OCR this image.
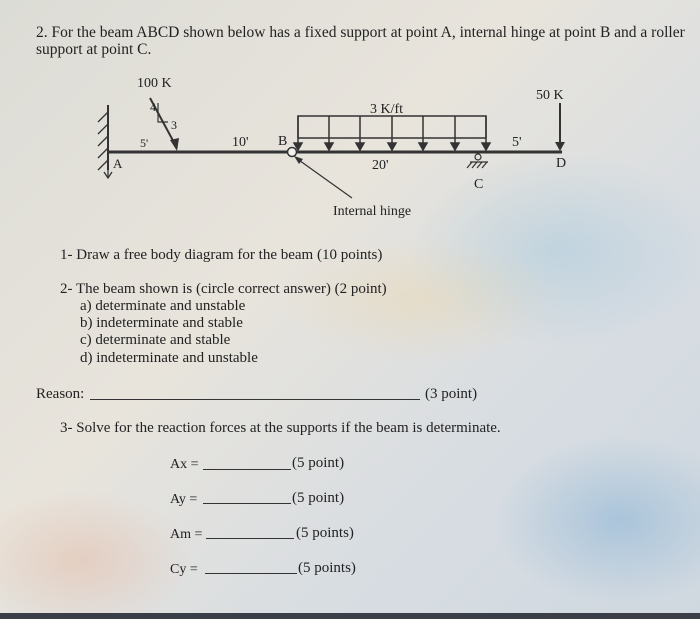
2. For the beam ABCD shown below has a fixed support at point A, internal hinge at point B and a roller
support at point C.
100 K
50 K
3 K/ft
4
3
5'	10'
20'
5'
A
B
C
D
Internal hinge
1- Draw a free body diagram for the beam (10 points)
2- The beam shown is (circle correct answer) (2 point)
a) determinate and unstable
b) indeterminate and stable
c) determinate and stable
d) indeterminate and unstable
Reason:	(3 point)
3- Solve for the reaction forces at the supports if the beam is determinate.
Ax =	(5 point)
Ay =	(5 point)
Am =	(5 points)
Cy =	(5 points)
